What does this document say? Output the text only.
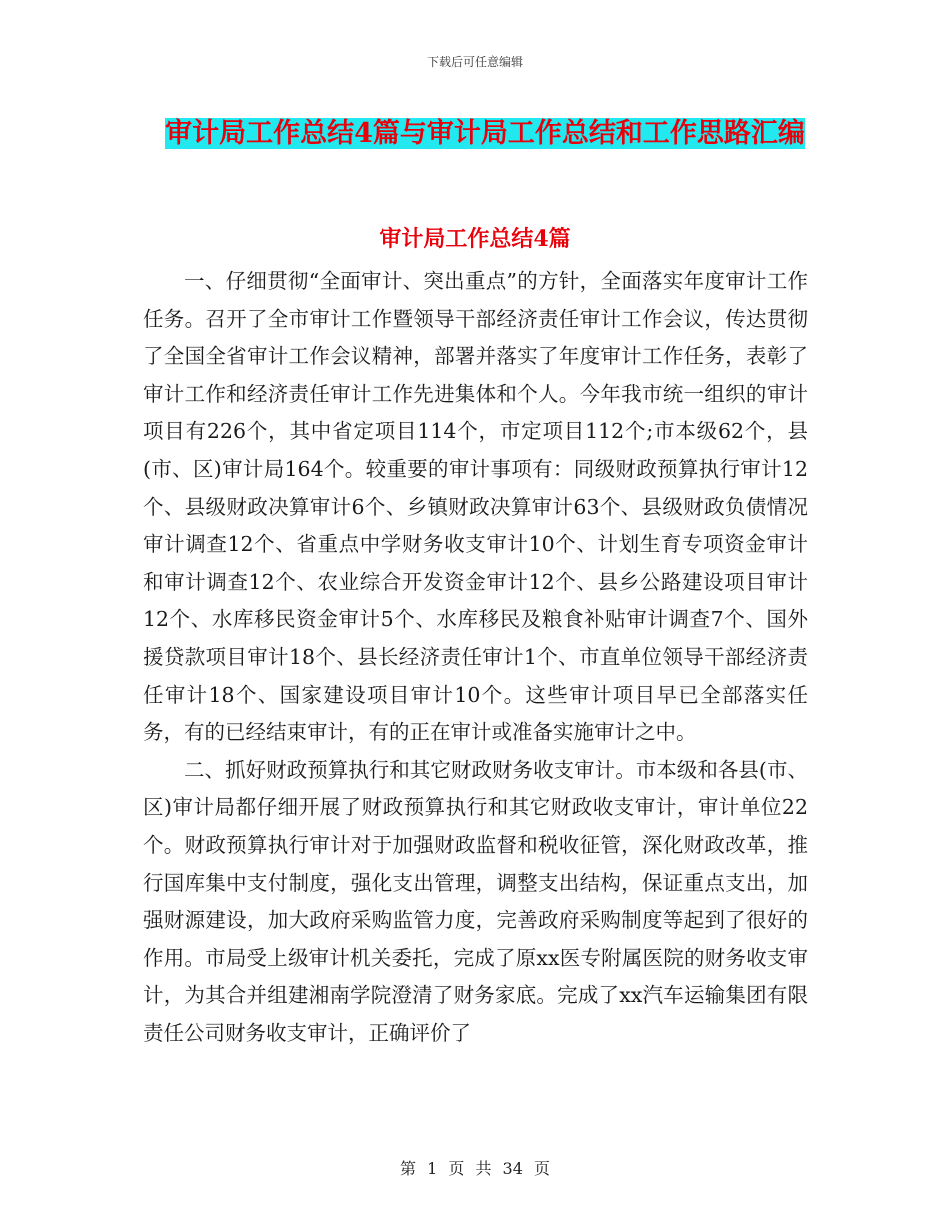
下载后可任意编辑
审计局工作总结4篇与审计局工作总结和工作思路汇编
审计局工作总结4篇

一、仔细贯彻“全面审计、突出重点”的方针，全面落实年度审计工作任务。召开了全市审计工作暨领导干部经济责任审计工作会议，传达贯彻了全国全省审计工作会议精神，部署并落实了年度审计工作任务，表彰了审计工作和经济责任审计工作先进集体和个人。今年我市统一组织的审计项目有226个，其中省定项目114个，市定项目112个;市本级62个，县(市、区)审计局164个。较重要的审计事项有：同级财政预算执行审计12个、县级财政决算审计6个、乡镇财政决算审计63个、县级财政负债情况审计调查12个、省重点中学财务收支审计10个、计划生育专项资金审计和审计调查12个、农业综合开发资金审计12个、县乡公路建设项目审计12个、水库移民资金审计5个、水库移民及粮食补贴审计调查7个、国外援贷款项目审计18个、县长经济责任审计1个、市直单位领导干部经济责任审计18个、国家建设项目审计10个。这些审计项目早已全部落实任务，有的已经结束审计，有的正在审计或准备实施审计之中。

二、抓好财政预算执行和其它财政财务收支审计。市本级和各县(市、区)审计局都仔细开展了财政预算执行和其它财政收支审计，审计单位22个。财政预算执行审计对于加强财政监督和税收征管，深化财政改革，推行国库集中支付制度，强化支出管理，调整支出结构，保证重点支出，加强财源建设，加大政府采购监管力度，完善政府采购制度等起到了很好的作用。市局受上级审计机关委托，完成了原xx医专附属医院的财务收支审计，为其合并组建湘南学院澄清了财务家底。完成了xx汽车运输集团有限责任公司财务收支审计，正确评价了

第 1 页 共 34 页
